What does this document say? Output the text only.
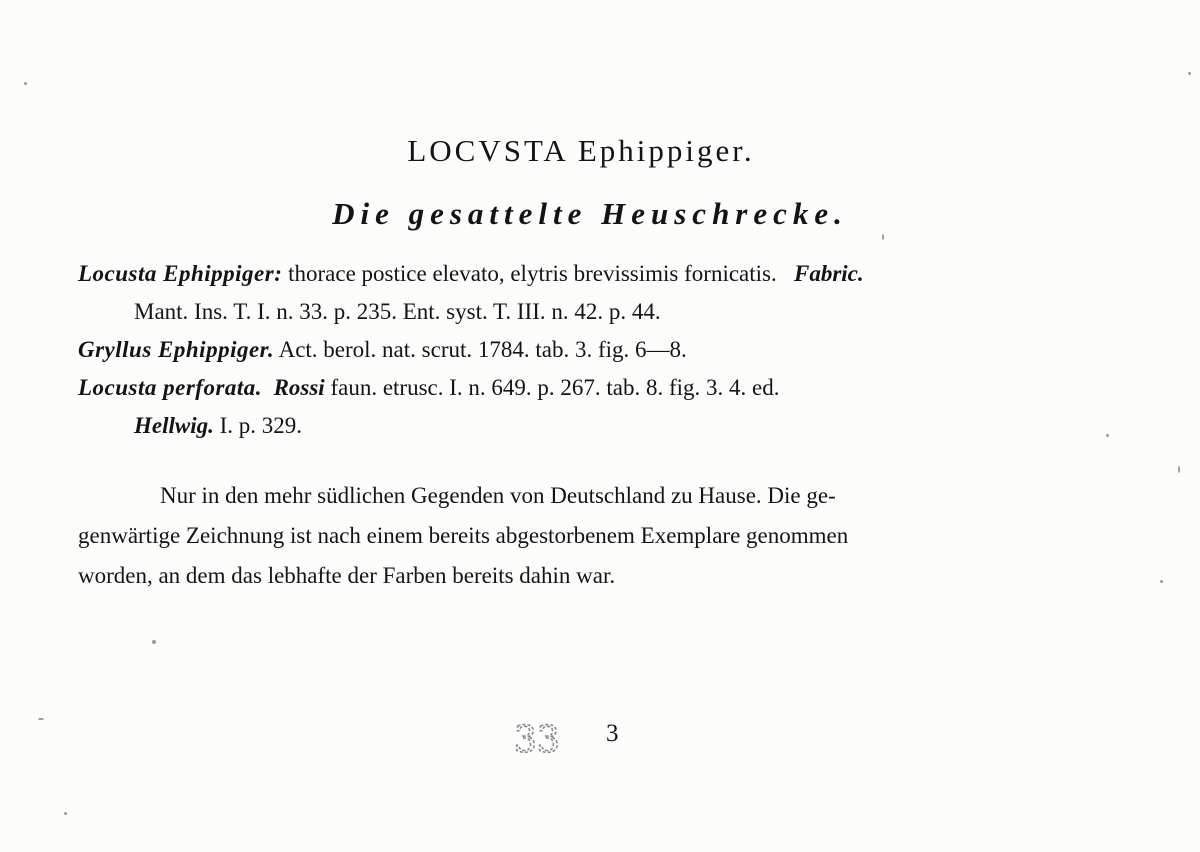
LOCVSTA Ephippiger.
Die gesattelte Heuschrecke.
Locusta Ephippiger: thorace postice elevato, elytris brevissimis fornicatis. Fabric.
Mant. Ins. T. I. n. 33. p. 235. Ent. syst. T. III. n. 42. p. 44.
Gryllus Ephippiger. Act. berol. nat. scrut. 1784. tab. 3. fig. 6—8.
Locusta perforata. Rossi faun. etrusc. I. n. 649. p. 267. tab. 8. fig. 3. 4. ed.
Hellwig. I. p. 329.
Nur in den mehr südlichen Gegenden von Deutschland zu Hause. Die ge-
genwärtige Zeichnung ist nach einem bereits abgestorbenem Exemplare genommen
worden, an dem das lebhafte der Farben bereits dahin war.
33 3
